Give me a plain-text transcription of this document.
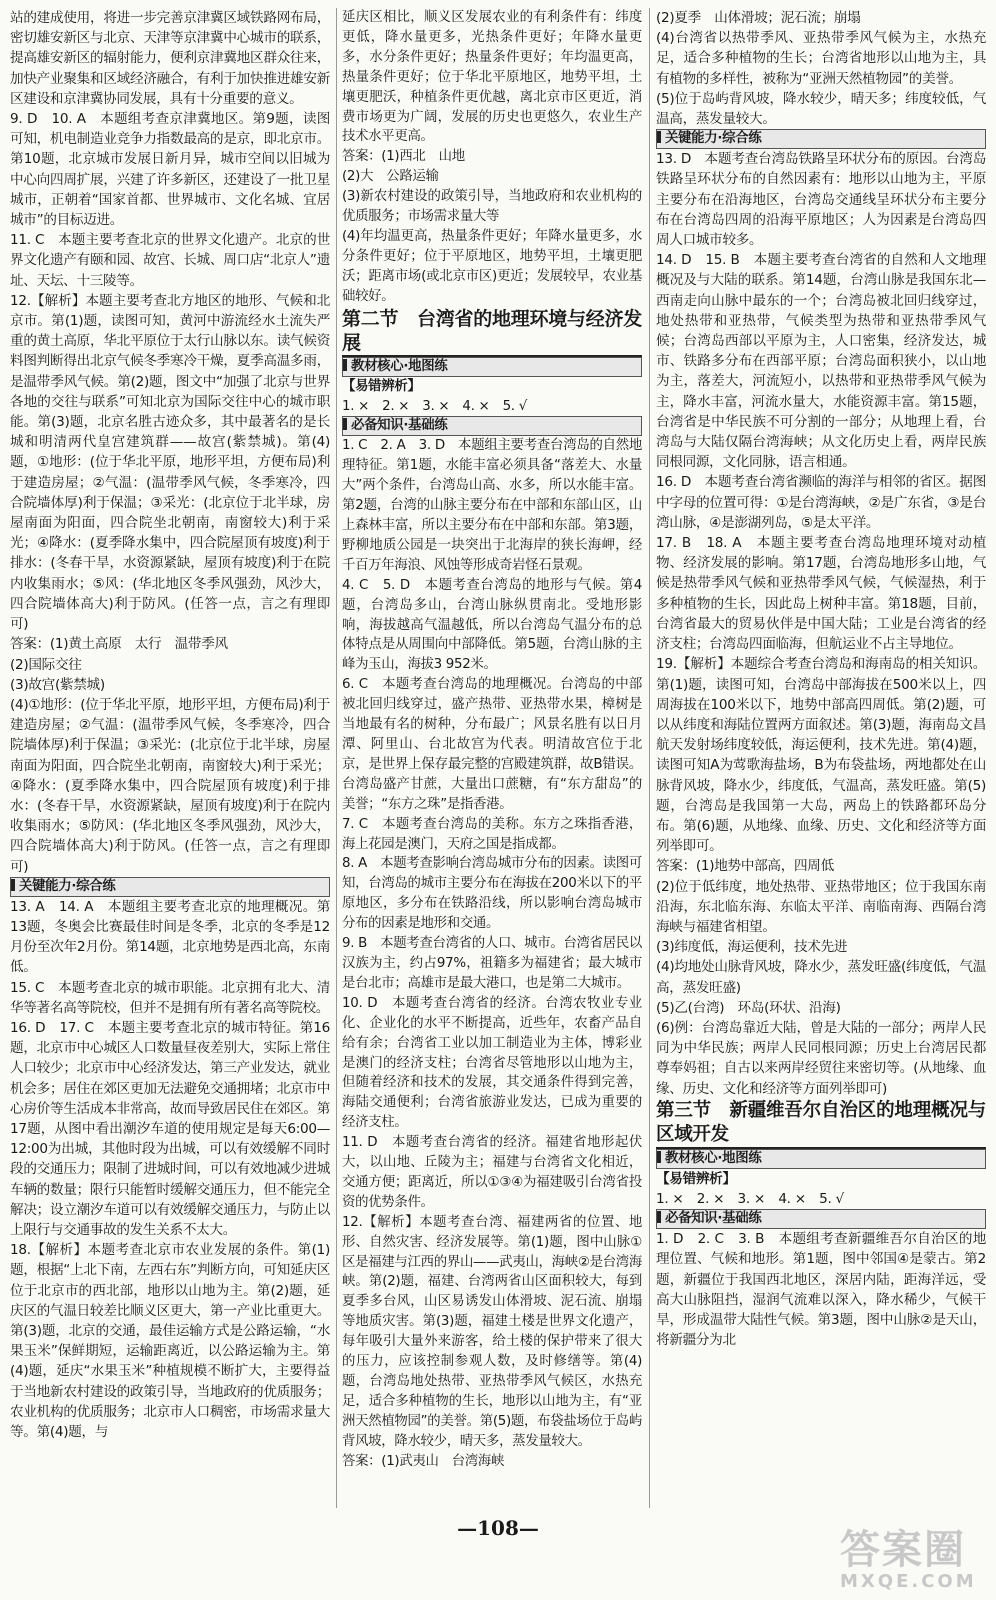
站的建成使用，将进一步完善京津冀区域铁路网布局，密切雄安新区与北京、天津等京津冀中心城市的联系，提高雄安新区的辐射能力，便利京津冀地区群众往来，加快产业聚集和区域经济融合，有利于加快推进雄安新区建设和京津冀协同发展，具有十分重要的意义。
9. D　10. A　本题组考查京津冀地区。第9题，读图可知，机电制造业竞争力指数最高的是京，即北京市。第10题，北京城市发展日新月异，城市空间以旧城为中心向四周扩展，兴建了许多新区，还建设了一批卫星城市，正朝着“国家首都、世界城市、文化名城、宜居城市”的目标迈进。
11. C　本题主要考查北京的世界文化遗产。北京的世界文化遗产有颐和园、故宫、长城、周口店“北京人”遗址、天坛、十三陵等。
12.【解析】本题主要考查北方地区的地形、气候和北京市。第(1)题，读图可知，黄河中游流经水土流失严重的黄土高原，华北平原位于太行山脉以东。读气候资料图判断得出北京气候冬季寒冷干燥，夏季高温多雨，是温带季风气候。第(2)题，图文中“加强了北京与世界各地的交往与联系”可知北京为国际交往中心的城市职能。第(3)题，北京名胜古迹众多，其中最著名的是长城和明清两代皇宫建筑群——故宫(紫禁城)。第(4)题，①地形：(位于华北平原，地形平坦，方便布局)利于建造房屋；②气温：(温带季风气候，冬季寒冷，四合院墙体厚)利于保温；③采光：(北京位于北半球，房屋南面为阳面，四合院坐北朝南，南窗较大)利于采光；④降水：(夏季降水集中，四合院屋顶有坡度)利于排水：(冬春干旱，水资源紧缺，屋顶有坡度)利于在院内收集雨水；⑤风：(华北地区冬季风强劲，风沙大，四合院墙体高大)利于防风。(任答一点，言之有理即可)
答案：(1)黄土高原　太行　温带季风
(2)国际交往
(3)故宫(紫禁城)
(4)①地形：(位于华北平原，地形平坦，方便布局)利于建造房屋；②气温：(温带季风气候，冬季寒冷，四合院墙体厚)利于保温；③采光：(北京位于北半球，房屋南面为阳面，四合院坐北朝南，南窗较大)利于采光；④降水：(夏季降水集中，四合院屋顶有坡度)利于排水：(冬春干旱，水资源紧缺，屋顶有坡度)利于在院内收集雨水；⑤防风：(华北地区冬季风强劲，风沙大，四合院墙体高大)利于防风。(任答一点，言之有理即可)
关键能力·综合练
13. A　14. A　本题组主要考查北京的地理概况。第13题，冬奥会比赛最佳时间是冬季，北京的冬季是12月份至次年2月份。第14题，北京地势是西北高，东南低。
15. C　本题考查北京的城市职能。北京拥有北大、清华等著名高等院校，但并不是拥有所有著名高等院校。
16. D　17. C　本题主要考查北京的城市特征。第16题，北京市中心城区人口数量昼夜差别大，实际上常住人口较少；北京市中心经济发达，第三产业发达，就业机会多；居住在郊区更加无法避免交通拥堵；北京市中心房价等生活成本非常高，故而导致居民住在郊区。第17题，从图中看出潮汐车道的使用规定是每天6:00—12:00为出城，其他时段为出城，可以有效缓解不同时段的交通压力；限制了进城时间，可以有效地减少进城车辆的数量；限行只能暂时缓解交通压力，但不能完全解决；设立潮汐车道可以有效缓解交通压力，与防止以上限行与交通事故的发生关系不太大。
18.【解析】本题考查北京市农业发展的条件。第(1)题，根据“上北下南，左西右东”判断方向，可知延庆区位于北京市的西北部，地形以山地为主。第(2)题，延庆区的气温日较差比顺义区更大，第一产业比重更大。第(3)题，北京的交通，最佳运输方式是公路运输，“水果玉米”保鲜期短，运输距离近，以公路运输为主。第(4)题，延庆“水果玉米”种植规模不断扩大，主要得益于当地新农村建设的政策引导，当地政府的优质服务；农业机构的优质服务；北京市人口稠密，市场需求量大等。第(4)题，与
延庆区相比，顺义区发展农业的有利条件有：纬度更低，降水量更多，光热条件更好；年降水量更多，水分条件更好；热量条件更好；年均温更高，热量条件更好；位于华北平原地区，地势平坦，土壤更肥沃，种植条件更优越，离北京市区更近，消费市场更为广阔，发展的历史也更悠久，农业生产技术水平更高。
答案：(1)西北　山地
(2)大　公路运输
(3)新农村建设的政策引导，当地政府和农业机构的优质服务；市场需求量大等
(4)年均温更高，热量条件更好；年降水量更多，水分条件更好；位于平原地区，地势平坦，土壤更肥沃；距离市场(或北京市区)更近；发展较早，农业基础较好。
第二节　台湾省的地理环境与经济发展
教材核心·地图练
【易错辨析】
1. ×　2. ×　3. ×　4. ×　5. √
必备知识·基础练
1. C　2. A　3. D　本题组主要考查台湾岛的自然地理特征。第1题，水能丰富必须具备“落差大、水量大”两个条件，台湾岛山高、水多，所以水能丰富。第2题，台湾的山脉主要分布在中部和东部山区，山上森林丰富，所以主要分布在中部和东部。第3题，野柳地质公园是一块突出于北海岸的狭长海岬，经千百万年海浪、风蚀等形成奇岩怪石景观。
4. C　5. D　本题考查台湾岛的地形与气候。第4题，台湾岛多山，台湾山脉纵贯南北。受地形影响，海拔越高气温越低，所以台湾岛气温分布的总体特点是从周围向中部降低。第5题，台湾山脉的主峰为玉山，海拔3 952米。
6. C　本题考查台湾岛的地理概况。台湾岛的中部被北回归线穿过，盛产热带、亚热带水果，樟树是当地最有名的树种，分布最广；风景名胜有以日月潭、阿里山、台北故宫为代表。明清故宫位于北京，是世界上保存最完整的宫殿建筑群，故B错误。台湾岛盛产甘蔗，大量出口蔗糖，有“东方甜岛”的美誉；“东方之珠”是指香港。
7. C　本题考查台湾岛的美称。东方之珠指香港，海上花园是澳门，天府之国是指成都。
8. A　本题考查影响台湾岛城市分布的因素。读图可知，台湾岛的城市主要分布在海拔在200米以下的平原地区，多分布在铁路沿线，所以影响台湾岛城市分布的因素是地形和交通。
9. B　本题考查台湾省的人口、城市。台湾省居民以汉族为主，约占97%，祖籍多为福建省；最大城市是台北市；高雄市是最大港口，也是第二大城市。
10. D　本题考查台湾省的经济。台湾农牧业专业化、企业化的水平不断提高，近些年，农畜产品自给有余；台湾省工业以加工制造业为主体，博彩业是澳门的经济支柱；台湾省尽管地形以山地为主，但随着经济和技术的发展，其交通条件得到完善，海陆交通便利；台湾省旅游业发达，已成为重要的经济支柱。
11. D　本题考查台湾省的经济。福建省地形起伏大，以山地、丘陵为主；福建与台湾省文化相近，交通方便；距离近，所以①③④为福建吸引台湾省投资的优势条件。
12.【解析】本题考查台湾、福建两省的位置、地形、自然灾害、经济发展等。第(1)题，图中山脉①区是福建与江西的界山——武夷山，海峡②是台湾海峡。第(2)题，福建、台湾两省山区面积较大，每到夏季多台风，山区易诱发山体滑坡、泥石流、崩塌等地质灾害。第(3)题，福建土楼是世界文化遗产，每年吸引大量外来游客，给土楼的保护带来了很大的压力，应该控制参观人数，及时修缮等。第(4)题，台湾岛地处热带、亚热带季风气候区，水热充足，适合多种植物的生长，地形以山地为主，有“亚洲天然植物园”的美誉。第(5)题，布袋盐场位于岛屿背风坡，降水较少，晴天多，蒸发量较大。
答案：(1)武夷山　台湾海峡
(2)夏季　山体滑坡；泥石流；崩塌
(4)台湾省以热带季风、亚热带季风气候为主，水热充足，适合多种植物的生长；台湾省地形以山地为主，具有植物的多样性，被称为“亚洲天然植物园”的美誉。
(5)位于岛屿背风坡，降水较少，晴天多；纬度较低，气温高，蒸发量较大。
关键能力·综合练
13. D　本题考查台湾岛铁路呈环状分布的原因。台湾岛铁路呈环状分布的自然因素有：地形以山地为主，平原主要分布在沿海地区，台湾岛交通线呈环状分布主要分布在台湾岛四周的沿海平原地区；人为因素是台湾岛四周人口城市较多。
14. D　15. B　本题主要考查台湾省的自然和人文地理概况及与大陆的联系。第14题，台湾山脉是我国东北—西南走向山脉中最东的一个；台湾岛被北回归线穿过，地处热带和亚热带，气候类型为热带和亚热带季风气候；台湾岛西部以平原为主，人口密集，经济发达，城市、铁路多分布在西部平原；台湾岛面积狭小，以山地为主，落差大，河流短小，以热带和亚热带季风气候为主，降水丰富，河流水量大，水能资源丰富。第15题，台湾省是中华民族不可分割的一部分；从地理上看，台湾岛与大陆仅隔台湾海峡；从文化历史上看，两岸民族同根同源，文化同脉，语言相通。
16. D　本题考查台湾省濒临的海洋与相邻的省区。据图中字母的位置可得：①是台湾海峡，②是广东省，③是台湾山脉，④是澎湖列岛，⑤是太平洋。
17. B　18. A　本题主要考查台湾岛地理环境对动植物、经济发展的影响。第17题，台湾岛地形多山地，气候是热带季风气候和亚热带季风气候，气候湿热，利于多种植物的生长，因此岛上树种丰富。第18题，目前，台湾省最大的贸易伙伴是中国大陆；工业是台湾省的经济支柱；台湾岛四面临海，但航运业不占主导地位。
19.【解析】本题综合考查台湾岛和海南岛的相关知识。第(1)题，读图可知，台湾岛中部海拔在500米以上，四周海拔在100米以下，地势中部高四周低。第(2)题，可以从纬度和海陆位置两方面叙述。第(3)题，海南岛文昌航天发射场纬度较低，海运便利，技术先进。第(4)题，读图可知A为莺歌海盐场，B为布袋盐场，两地都处在山脉背风坡，降水少，纬度低，气温高，蒸发旺盛。第(5)题，台湾岛是我国第一大岛，两岛上的铁路都环岛分布。第(6)题，从地缘、血缘、历史、文化和经济等方面列举即可。
答案：(1)地势中部高，四周低
(2)位于低纬度，地处热带、亚热带地区；位于我国东南沿海，东北临东海、东临太平洋、南临南海、西隔台湾海峡与福建省相望。
(3)纬度低，海运便利，技术先进
(4)均地处山脉背风坡，降水少，蒸发旺盛(纬度低，气温高，蒸发旺盛)
(5)乙(台湾)　环岛(环状、沿海)
(6)例：台湾岛靠近大陆，曾是大陆的一部分；两岸人民同为中华民族；两岸人民同根同源；历史上台湾居民都尊奉妈祖；自古以来两岸经贸往来密切等。(从地缘、血缘、历史、文化和经济等方面列举即可)
第三节　新疆维吾尔自治区的地理概况与区域开发
教材核心·地图练
【易错辨析】
1. ×　2. ×　3. ×　4. ×　5. √
必备知识·基础练
1. D　2. C　3. B　本题组考查新疆维吾尔自治区的地理位置、气候和地形。第1题，图中邻国④是蒙古。第2题，新疆位于我国西北地区，深居内陆，距海洋远，受高大山脉阻挡，湿润气流难以深入，降水稀少，气候干旱，形成温带大陆性气候。第3题，图中山脉②是天山，将新疆分为北
—108—	答案圈
MXQE.COM
